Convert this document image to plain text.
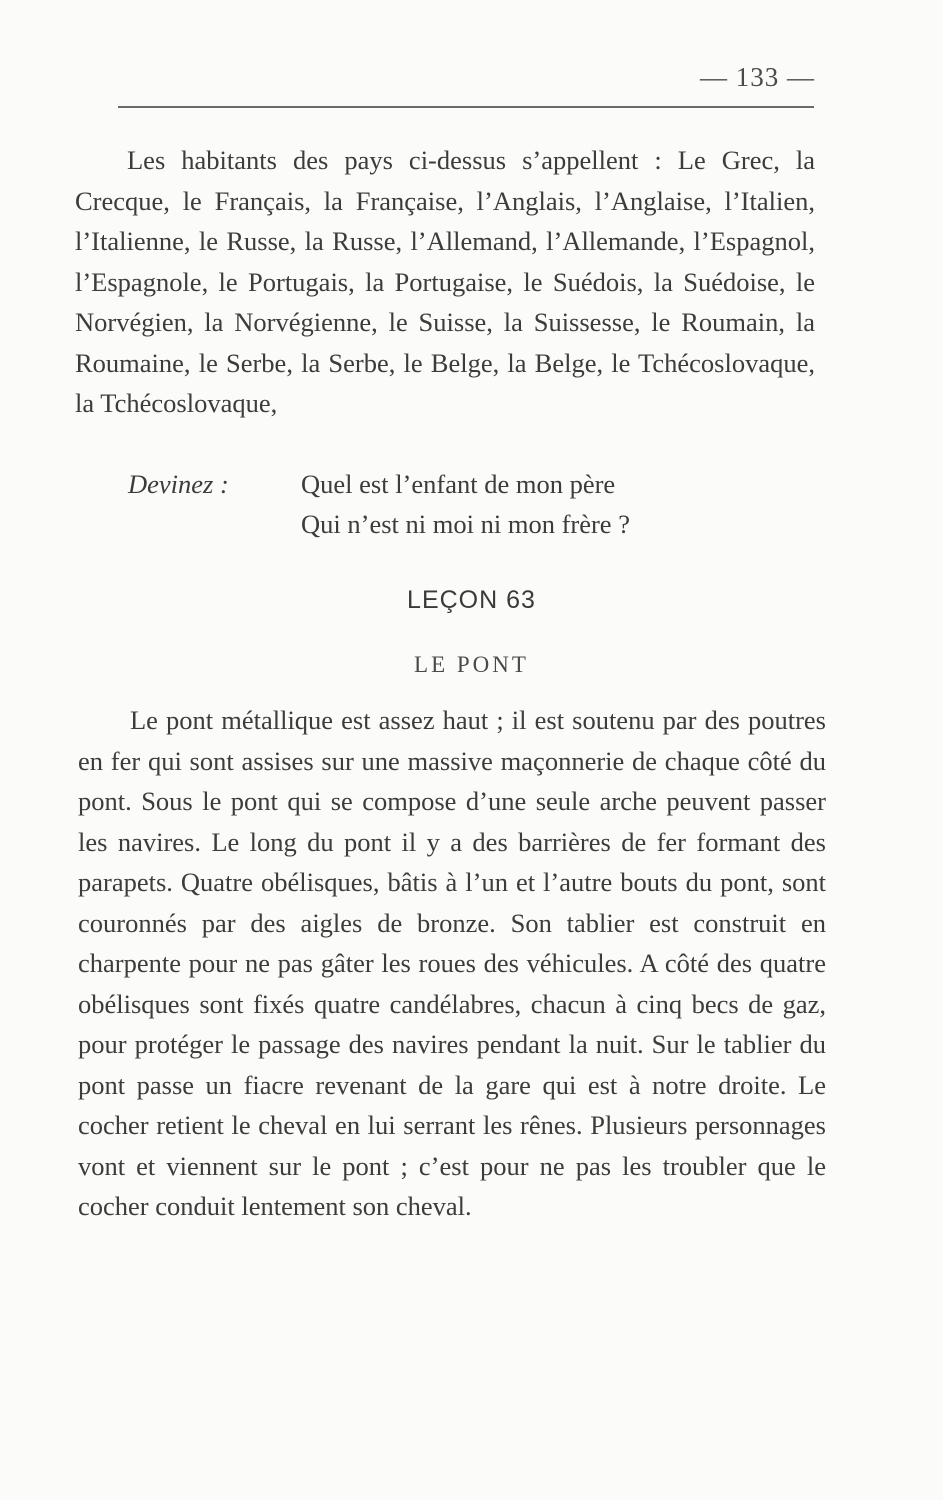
— 133 —

Les habitants des pays ci-dessus s’appellent : Le Grec, la Crecque, le Français, la Française, l’Anglais, l’Anglaise, l’Italien, l’Italienne, le Russe, la Russe, l’Allemand, l’Allemande, l’Espagnol, l’Espagnole, le Portugais, la Portugaise, le Suédois, la Suédoise, le Norvégien, la Norvégienne, le Suisse, la Suissesse, le Roumain, la Roumaine, le Serbe, la Serbe, le Belge, la Belge, le Tchécoslovaque, la Tchécoslovaque,

Devinez :	Quel est l’enfant de mon père
Qui n’est ni moi ni mon frère ?
LEÇON 63
LE PONT

Le pont métallique est assez haut ; il est soutenu par des poutres en fer qui sont assises sur une massive maçonnerie de chaque côté du pont. Sous le pont qui se compose d’une seule arche peuvent passer les navires. Le long du pont il y a des barrières de fer formant des parapets. Quatre obélisques, bâtis à l’un et l’autre bouts du pont, sont couronnés par des aigles de bronze. Son tablier est construit en charpente pour ne pas gâter les roues des véhicules. A côté des quatre obélisques sont fixés quatre candélabres, chacun à cinq becs de gaz, pour protéger le passage des navires pendant la nuit. Sur le tablier du pont passe un fiacre revenant de la gare qui est à notre droite. Le cocher retient le cheval en lui serrant les rênes. Plusieurs personnages vont et viennent sur le pont ; c’est pour ne pas les troubler que le cocher conduit lentement son cheval.
